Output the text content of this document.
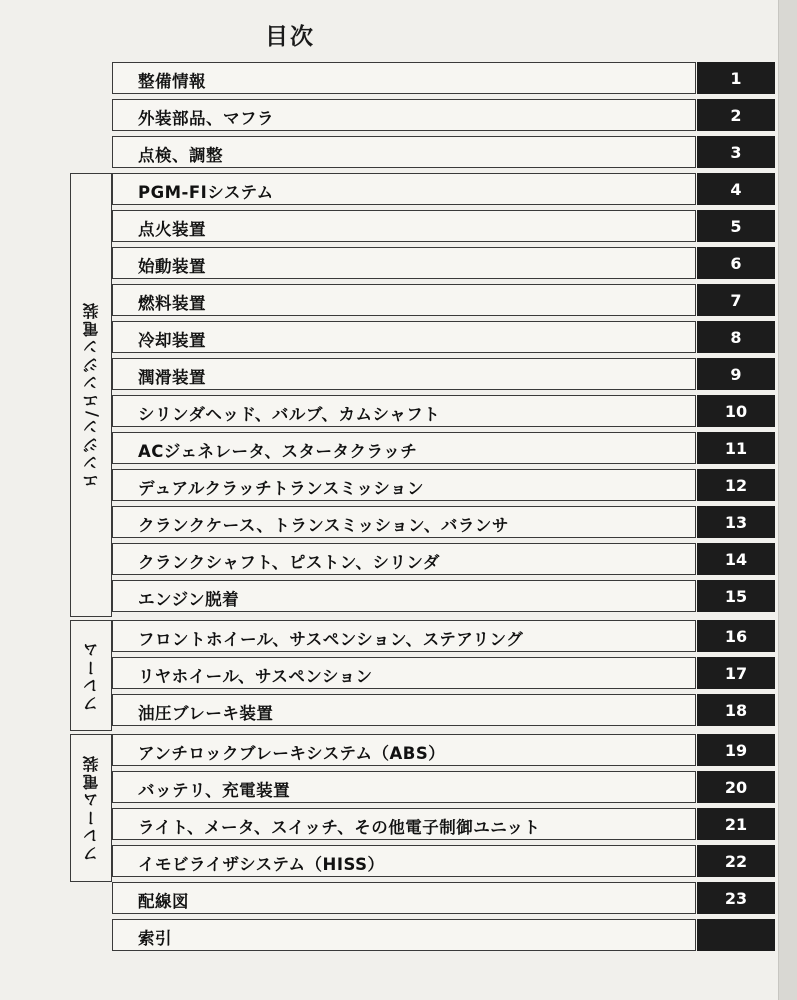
目次
エンジン/エンジン電装
フレーム
フレーム電装
整備情報	1
外装部品、マフラ	2
点検、調整	3
PGM-FIシステム	4
点火装置	5
始動装置	6
燃料装置	7
冷却装置	8
潤滑装置	9
シリンダヘッド、バルブ、カムシャフト	10
ACジェネレータ、スタータクラッチ	11
デュアルクラッチトランスミッション	12
クランクケース、トランスミッション、バランサ	13
クランクシャフト、ピストン、シリンダ	14
エンジン脱着	15
フロントホイール、サスペンション、ステアリング	16
リヤホイール、サスペンション	17
油圧ブレーキ装置	18
アンチロックブレーキシステム（ABS）	19
バッテリ、充電装置	20
ライト、メータ、スイッチ、その他電子制御ユニット	21
イモビライザシステム（HISS）	22
配線図	23
索引
